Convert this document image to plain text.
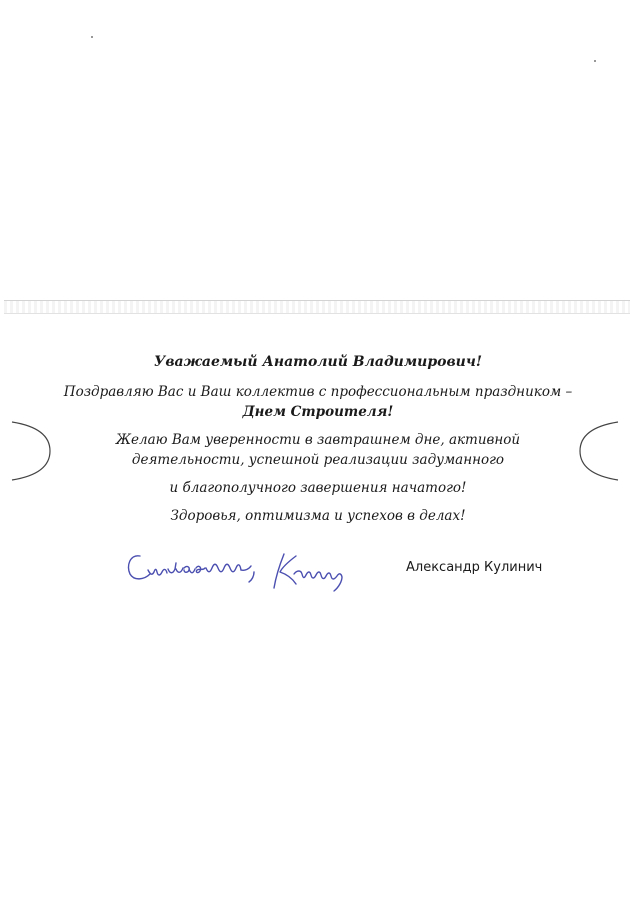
Уважаемый Анатолий Владимирович!

Поздравляю Вас и Ваш коллектив с профессиональным праздником –

Днем Строителя!

Желаю Вам уверенности в завтрашнем дне, активной

деятельности, успешной реализации задуманного

и благополучного завершения начатого!

Здоровья, оптимизма и успехов в делах!

Александр Кулинич
